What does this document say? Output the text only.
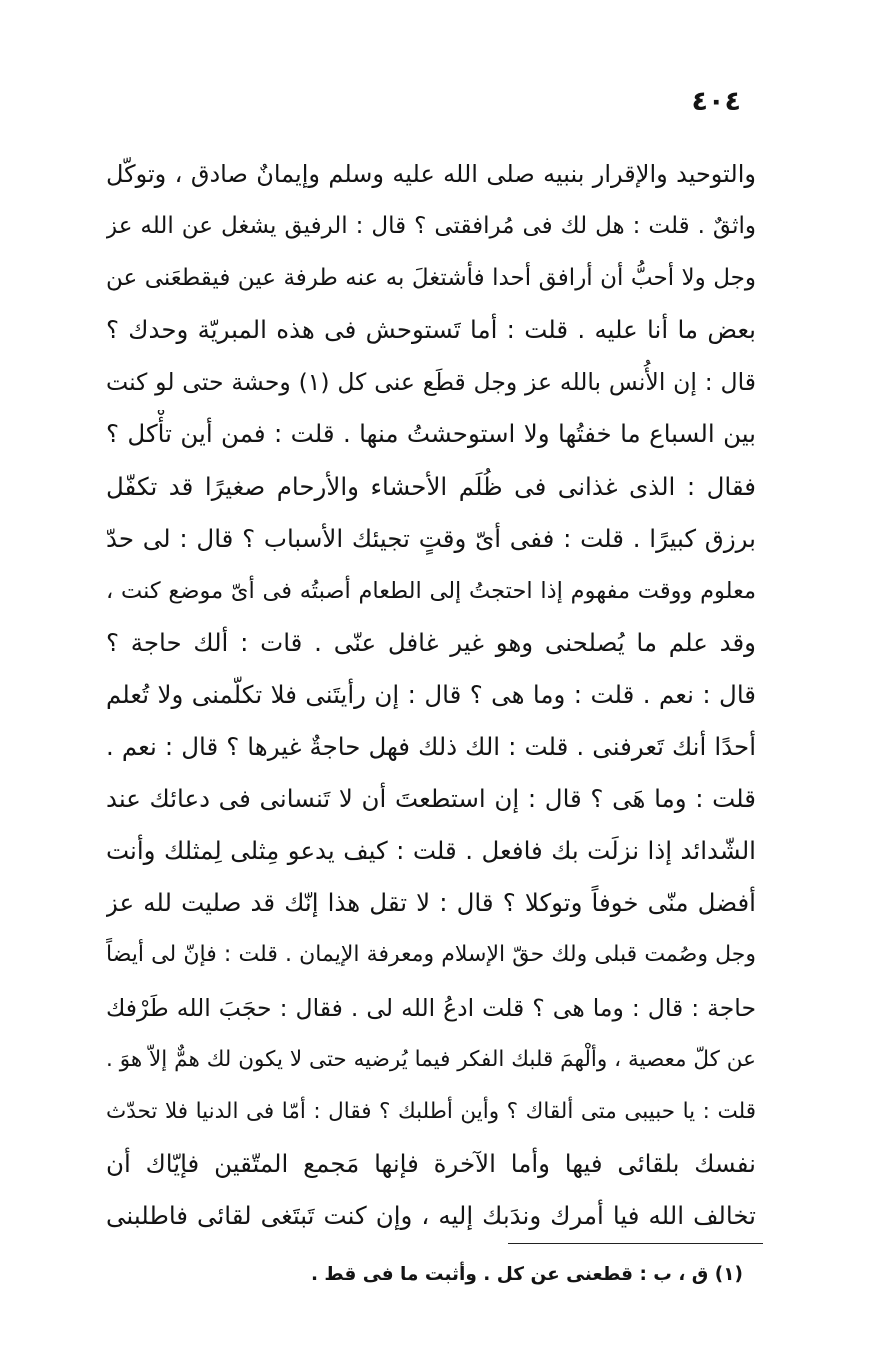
٤٠٤
والتوحيد والإقرار بنبيه صلى الله عليه وسلم وإيمانٌ صادق ، وتوكّل
واثقٌ . قلت : هل لك فى مُرافقتى ؟ قال : الرفيق يشغل عن الله عز
وجل ولا أحبُّ أن أرافق أحدا فأشتغلَ به عنه طرفة عين فيقطعَنى عن
بعض ما أنا عليه . قلت : أما تَستوحش فى هذه المبريّة وحدك ؟
قال : إن الأُنس بالله عز وجل قطَع عنى كل (١) وحشة حتى لو كنت
بين السباع ما خفتُها ولا استوحشتُ منها . قلت : فمن أين تأْكل ؟
فقال : الذى غذانى فى ظُلَم الأحشاء والأرحام صغيرًا قد تكفّل
برزق كبيرًا . قلت : ففى أىّ وقتٍ تجيئك الأسباب ؟ قال : لى حدّ
معلوم ووقت مفهوم إذا احتجتُ إلى الطعام أصبتُه فى أىّ موضع كنت ،
وقد علم ما يُصلحنى وهو غير غافل عنّى . قات : ألك حاجة ؟
قال : نعم . قلت : وما هى ؟ قال : إن رأيتَنى فلا تكلّمنى ولا تُعلم
أحدًا أنك تَعرفنى . قلت : الك ذلك فهل حاجةٌ غيرها ؟ قال : نعم .
قلت : وما هَى ؟ قال : إن استطعتَ أن لا تَنسانى فى دعائك عند
الشّدائد إذا نزلَت بك فافعل . قلت : كيف يدعو مِثلى لِمثلك وأنت
أفضل منّى خوفاً وتوكلا ؟ قال : لا تقل هذا إنّك قد صليت لله عز
وجل وصُمت قبلى ولك حقّ الإسلام ومعرفة الإيمان . قلت : فإنّ لى أيضاً
حاجة : قال : وما هى ؟ قلت ادعُ الله لى . فقال : حجَبَ الله طَرْفك
عن كلّ معصية ، وألْهمَ قلبك الفكر فيما يُرضيه حتى لا يكون لك همٌّ إلاّ هوَ .
قلت : يا حبيبى متى ألقاك ؟ وأين أطلبك ؟ فقال : أمّا فى الدنيا فلا تحدّث
نفسك بلقائى فيها وأما الآخرة فإنها مَجمع المتّقين فإيّاك أن
تخالف الله فيا أمرك وندَبك إليه ، وإن كنت تَبتَغى لقائى فاطلبنى
(١) ق ، ب : قطعنى عن كل . وأثبت ما فى قط .
